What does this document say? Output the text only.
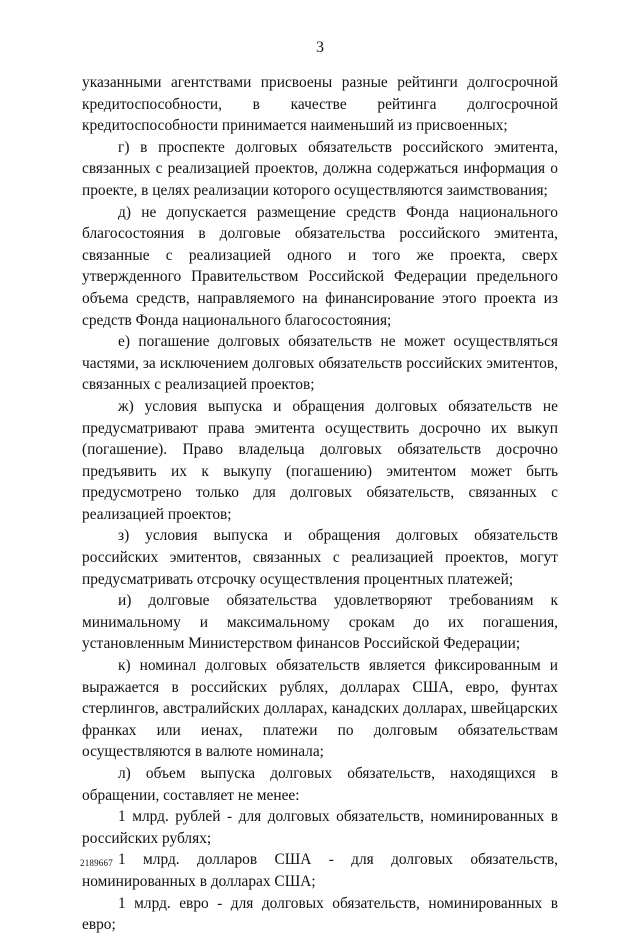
3

указанными агентствами присвоены разные рейтинги долгосрочной кредитоспособности, в качестве рейтинга долгосрочной кредитоспособности принимается наименьший из присвоенных;

г) в проспекте долговых обязательств российского эмитента, связанных с реализацией проектов, должна содержаться информация о проекте, в целях реализации которого осуществляются заимствования;

д) не допускается размещение средств Фонда национального благосостояния в долговые обязательства российского эмитента, связанные с реализацией одного и того же проекта, сверх утвержденного Правительством Российской Федерации предельного объема средств, направляемого на финансирование этого проекта из средств Фонда национального благосостояния;

е) погашение долговых обязательств не может осуществляться частями, за исключением долговых обязательств российских эмитентов, связанных с реализацией проектов;

ж) условия выпуска и обращения долговых обязательств не предусматривают права эмитента осуществить досрочно их выкуп (погашение). Право владельца долговых обязательств досрочно предъявить их к выкупу (погашению) эмитентом может быть предусмотрено только для долговых обязательств, связанных с реализацией проектов;

з) условия выпуска и обращения долговых обязательств российских эмитентов, связанных с реализацией проектов, могут предусматривать отсрочку осуществления процентных платежей;

и) долговые обязательства удовлетворяют требованиям к минимальному и максимальному срокам до их погашения, установленным Министерством финансов Российской Федерации;

к) номинал долговых обязательств является фиксированным и выражается в российских рублях, долларах США, евро, фунтах стерлингов, австралийских долларах, канадских долларах, швейцарских франках или иенах, платежи по долговым обязательствам осуществляются в валюте номинала;

л) объем выпуска долговых обязательств, находящихся в обращении, составляет не менее:

1 млрд. рублей - для долговых обязательств, номинированных в российских рублях;

1 млрд. долларов США - для долговых обязательств, номинированных в долларах США;

1 млрд. евро - для долговых обязательств, номинированных в евро;

2189667
